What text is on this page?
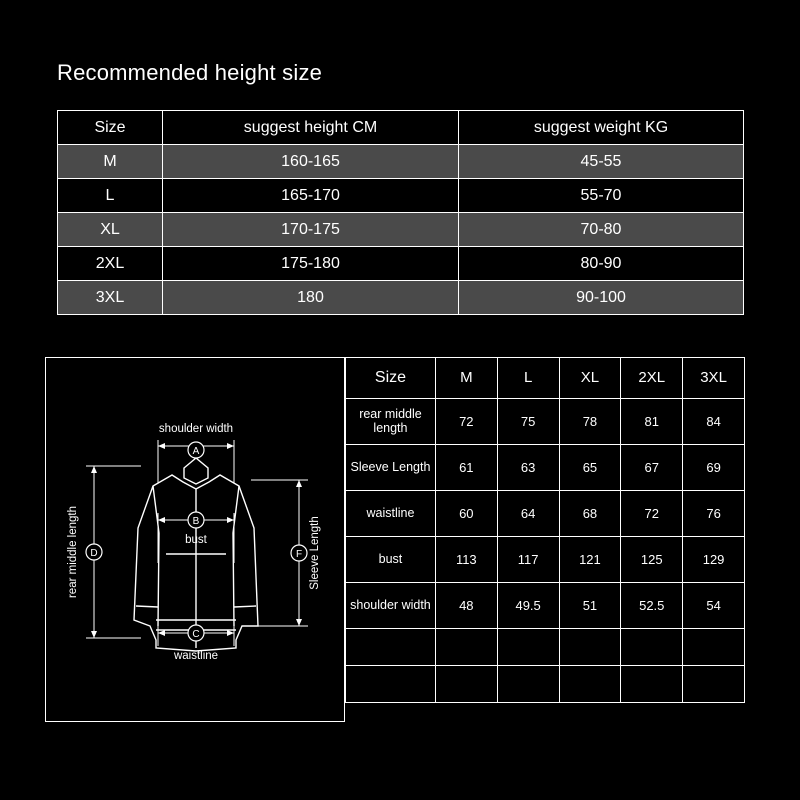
Recommended height size
Size	suggest height CM	suggest weight KG
M	160-165	45-55
L	165-170	55-70
XL	170-175	70-80
2XL	175-180	80-90
3XL	180	90-100
shoulder width
A
B
bust
C
waistline
D
rear middle length	F Sleeve Length
Size	M	L	XL	2XL	3XL
rear middle length	72	75	78	81	84
Sleeve Length	61	63	65	67	69
waistline	60	64	68	72	76
bust	113	117	121	125	129
shoulder width	48	49.5	51	52.5	54
